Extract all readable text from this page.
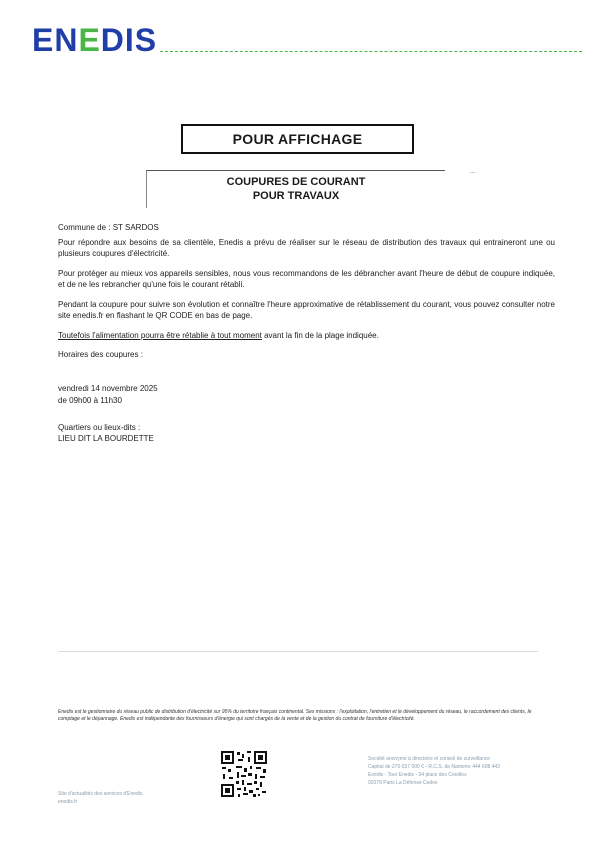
ENEDIS
POUR AFFICHAGE
COUPURES DE COURANT
POUR TRAVAUX
...
Commune de : ST SARDOS
Pour répondre aux besoins de sa clientèle, Enedis a prévu de réaliser sur le réseau de distribution des travaux qui entraineront une ou plusieurs coupures d'électricité.
Pour protéger au mieux vos appareils sensibles, nous vous recommandons de les débrancher avant l'heure de début de coupure indiquée, et de ne les rebrancher qu'une fois le courant rétabli.
Pendant la coupure pour suivre son évolution et connaître l'heure approximative de rétablissement du courant, vous pouvez consulter notre site enedis.fr en flashant le QR CODE en bas de page.
Toutefois l'alimentation pourra être rétablie à tout moment avant la fin de la plage indiquée.
Horaires des coupures :
vendredi 14 novembre 2025
de 09h00 à 11h30
Quartiers ou lieux-dits :
LIEU DIT LA BOURDETTE
Enedis est le gestionnaire du réseau public de distribution d'électricité sur 95% du territoire français continental. Ses missions : l'exploitation, l'entretien et le développement du réseau, le raccordement des clients, le comptage et le dépannage. Enedis est indépendante des fournisseurs d'énergie qui sont chargés de la vente et de la gestion du contrat de fourniture d'électricité.
Site d'actualités des services d'Enedis
enedis.fr
Société anonyme à directoire et conseil de surveillance
Capital de 270 037 000 € - R.C.S. de Nanterre 444 608 442
Enedis - Tour Enedis - 34 place des Corolles
92079 Paris La Défense Cedex
